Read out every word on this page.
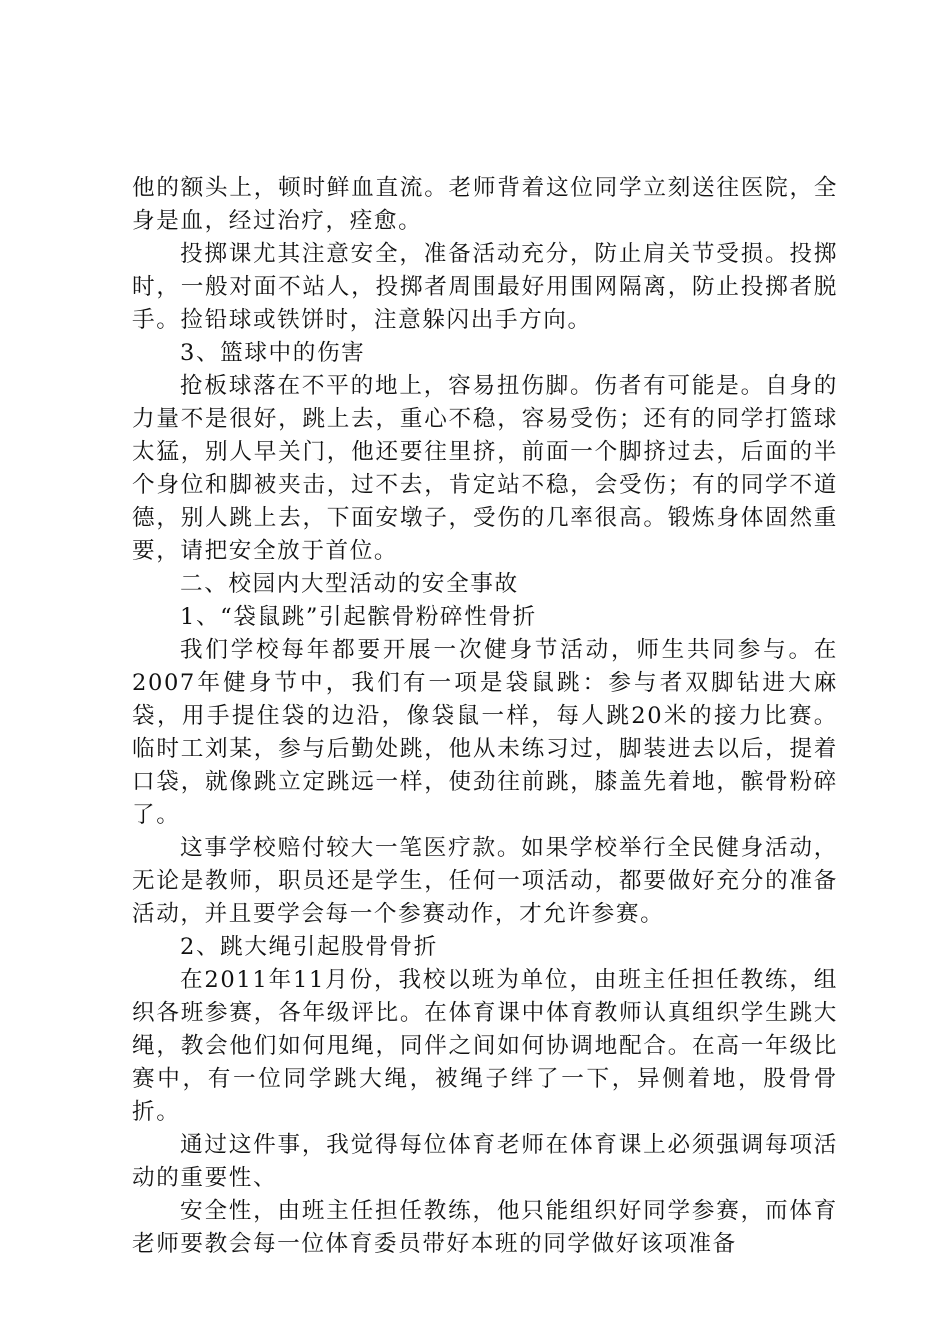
他的额头上，顿时鲜血直流。老师背着这位同学立刻送往医院，全身是血，经过治疗，痊愈。

投掷课尤其注意安全，准备活动充分，防止肩关节受损。投掷时，一般对面不站人，投掷者周围最好用围网隔离，防止投掷者脱手。捡铅球或铁饼时，注意躲闪出手方向。

3、篮球中的伤害

抢板球落在不平的地上，容易扭伤脚。伤者有可能是。自身的力量不是很好，跳上去，重心不稳，容易受伤；还有的同学打篮球太猛，别人早关门，他还要往里挤，前面一个脚挤过去，后面的半个身位和脚被夹击，过不去，肯定站不稳，会受伤；有的同学不道德，别人跳上去，下面安墩子，受伤的几率很高。锻炼身体固然重要，请把安全放于首位。

二、校园内大型活动的安全事故

1、“袋鼠跳”引起髌骨粉碎性骨折

我们学校每年都要开展一次健身节活动，师生共同参与。在2007年健身节中，我们有一项是袋鼠跳：参与者双脚钻进大麻袋，用手提住袋的边沿，像袋鼠一样，每人跳20米的接力比赛。临时工刘某，参与后勤处跳，他从未练习过，脚装进去以后，提着口袋，就像跳立定跳远一样，使劲往前跳，膝盖先着地，髌骨粉碎了。

这事学校赔付较大一笔医疗款。如果学校举行全民健身活动，无论是教师，职员还是学生，任何一项活动，都要做好充分的准备活动，并且要学会每一个参赛动作，才允许参赛。

2、跳大绳引起股骨骨折

在2011年11月份，我校以班为单位，由班主任担任教练，组织各班参赛，各年级评比。在体育课中体育教师认真组织学生跳大绳，教会他们如何甩绳，同伴之间如何协调地配合。在高一年级比赛中，有一位同学跳大绳，被绳子绊了一下，异侧着地，股骨骨折。

通过这件事，我觉得每位体育老师在体育课上必须强调每项活动的重要性、

安全性，由班主任担任教练，他只能组织好同学参赛，而体育老师要教会每一位体育委员带好本班的同学做好该项准备
